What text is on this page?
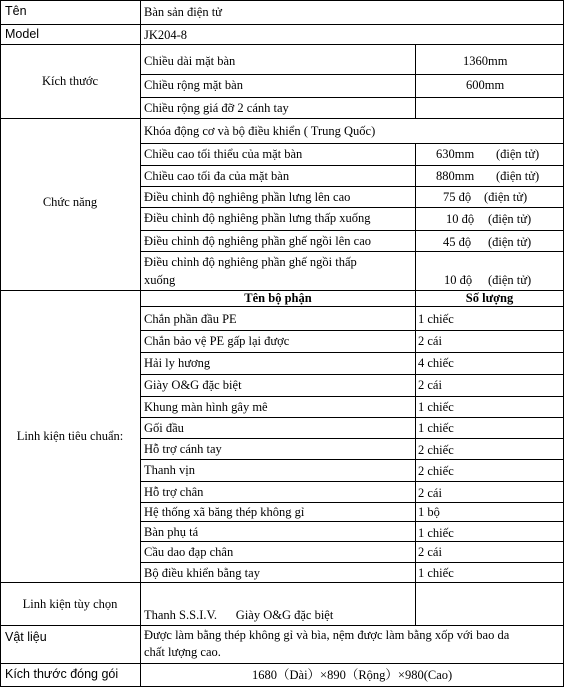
Tên	Bàn sản điện tử
Model	JK204-8
Kích thước
Chiều dài mặt bàn	1360mm
Chiều rộng mặt bàn	600mm
Chiều rộng giá đỡ 2 cánh tay
Chức năng
Khóa động cơ và bộ điều khiển ( Trung Quốc)
Chiều cao tối thiểu của mặt bàn	630mm (điện tử)
Chiều cao tối đa của mặt bàn	880mm (điện tử)
Điều chỉnh độ nghiêng phần lưng lên cao	75 độ (điện tử)
Điều chỉnh độ nghiêng phần lưng thấp xuống	10 độ (điện tử)
Điều chỉnh độ nghiêng phần ghế ngồi lên cao	45 độ (điện tử)
Điều chỉnh độ nghiêng phần ghế ngồi thấp
xuống	10 độ (điện tử)
Linh kiện tiêu chuẩn:
Tên bộ phận	Số lượng
Chắn phần đầu PE	1 chiếc
Chắn bảo vệ PE gấp lại được	2 cái
Hải ly hương	4 chiếc
Giày O&G đặc biệt	2 cái
Khung màn hình gây mê	1 chiếc
Gối đầu	1 chiếc
Hỗ trợ cánh tay	2 chiếc
Thanh vịn	2 chiếc
Hỗ trợ chân	2 cái
Hệ thống xã băng thép không gỉ	1 bộ
Bàn phụ tá	1 chiếc
Cầu dao đạp chân	2 cái
Bộ điều khiển bằng tay	1 chiếc
Linh kiện tùy chọn
Thanh S.S.I.V.      Giày O&G đặc biệt
Vật liệu	Được làm bằng thép không gỉ và bìa, nệm được làm bằng xốp với bao da
chất lượng cao.
Kích thước đóng gói	1680（Dài）×890（Rộng）×980(Cao)
